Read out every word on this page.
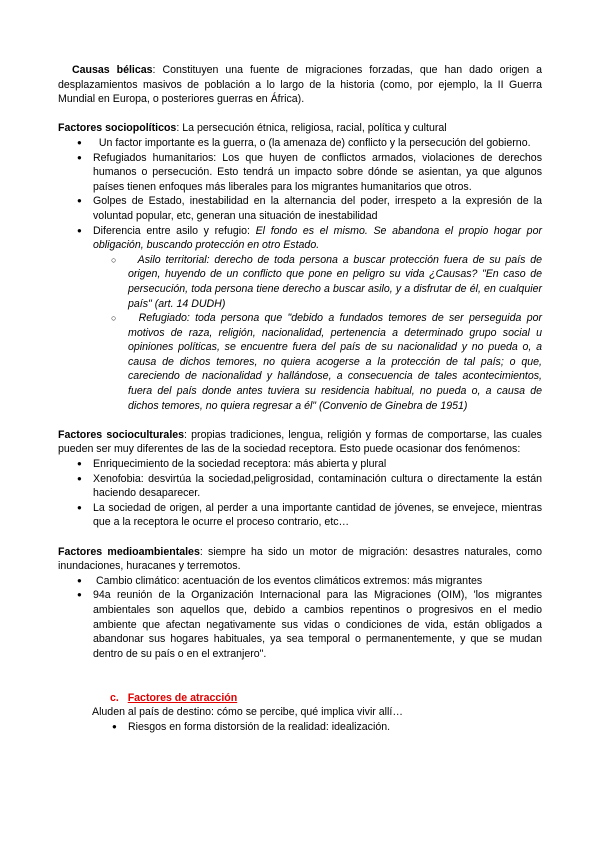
Causas bélicas: Constituyen una fuente de migraciones forzadas, que han dado origen a desplazamientos masivos de población a lo largo de la historia (como, por ejemplo, la II Guerra Mundial en Europa, o posteriores guerras en África).

Factores sociopolíticos: La persecución étnica, religiosa, racial, política y cultural

● Un factor importante es la guerra, o (la amenaza de) conflicto y la persecución del gobierno.
● Refugiados humanitarios: Los que huyen de conflictos armados, violaciones de derechos humanos o persecución. Esto tendrá un impacto sobre dónde se asientan, ya que algunos países tienen enfoques más liberales para los migrantes humanitarios que otros.
● Golpes de Estado, inestabilidad en la alternancia del poder, irrespeto a la expresión de la voluntad popular, etc, generan una situación de inestabilidad
● Diferencia entre asilo y refugio: El fondo es el mismo. Se abandona el propio hogar por obligación, buscando protección en otro Estado.
○ Asilo territorial: derecho de toda persona a buscar protección fuera de su país de origen, huyendo de un conflicto que pone en peligro su vida ¿Causas? "En caso de persecución, toda persona tiene derecho a buscar asilo, y a disfrutar de él, en cualquier país" (art. 14 DUDH)
○ Refugiado: toda persona que "debido a fundados temores de ser perseguida por motivos de raza, religión, nacionalidad, pertenencia a determinado grupo social u opiniones políticas, se encuentre fuera del país de su nacionalidad y no pueda o, a causa de dichos temores, no quiera acogerse a la protección de tal país; o que, careciendo de nacionalidad y hallándose, a consecuencia de tales acontecimientos, fuera del país donde antes tuviera su residencia habitual, no pueda o, a causa de dichos temores, no quiera regresar a él" (Convenio de Ginebra de 1951)

Factores socioculturales: propias tradiciones, lengua, religión y formas de comportarse, las cuales pueden ser muy diferentes de las de la sociedad receptora. Esto puede ocasionar dos fenómenos:

● Enriquecimiento de la sociedad receptora: más abierta y plural
● Xenofobia: desvirtúa la sociedad,peligrosidad, contaminación cultura o directamente la están haciendo desaparecer.
● La sociedad de origen, al perder a una importante cantidad de jóvenes, se envejece, mientras que a la receptora le ocurre el proceso contrario, etc…

Factores medioambientales: siempre ha sido un motor de migración: desastres naturales, como inundaciones, huracanes y terremotos.

● Cambio climático: acentuación de los eventos climáticos extremos: más migrantes
● 94a reunión de la Organización Internacional para las Migraciones (OIM), 'los migrantes ambientales son aquellos que, debido a cambios repentinos o progresivos en el medio ambiente que afectan negativamente sus vidas o condiciones de vida, están obligados a abandonar sus hogares habituales, ya sea temporal o permanentemente, y que se mudan dentro de su país o en el extranjero".

c. Factores de atracción

Aluden al país de destino: cómo se percibe, qué implica vivir allí…

● Riesgos en forma distorsión de la realidad: idealización.
